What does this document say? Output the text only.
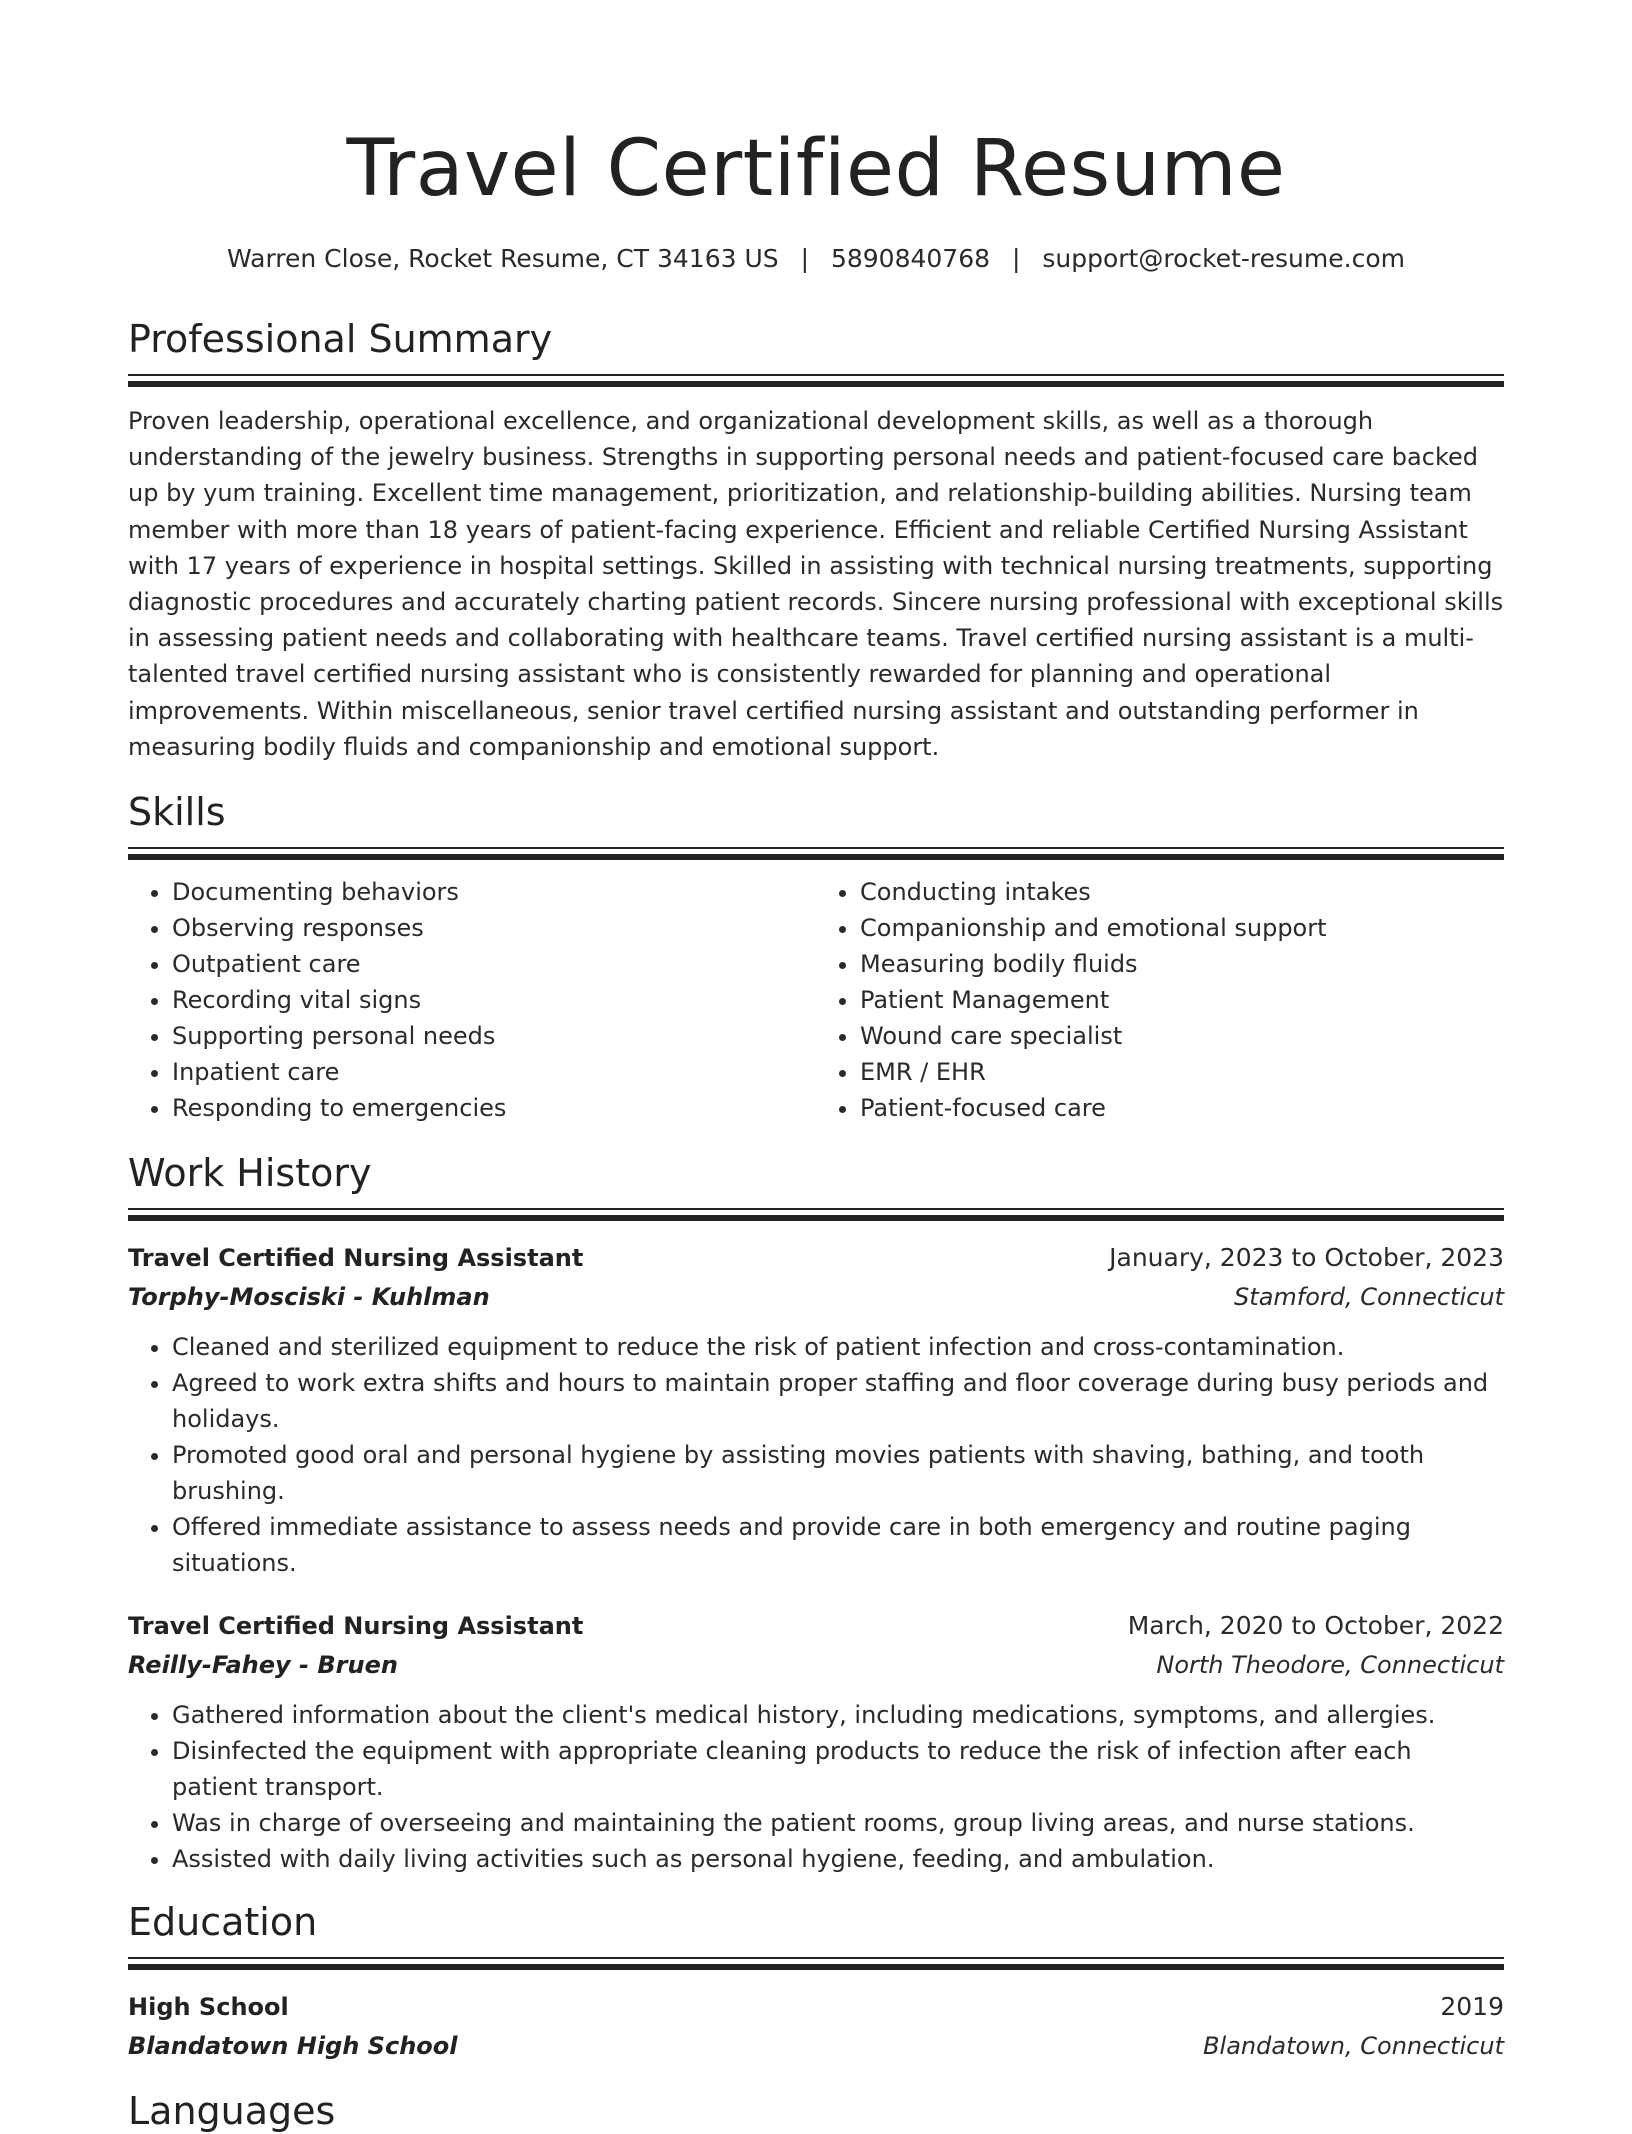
Travel Certified Resume
Warren Close, Rocket Resume, CT 34163 US | 5890840768 | support@rocket-resume.com
Professional Summary

Proven leadership, operational excellence, and organizational development skills, as well as a thorough understanding of the jewelry business. Strengths in supporting personal needs and patient-focused care backed up by yum training. Excellent time management, prioritization, and relationship-building abilities. Nursing team member with more than 18 years of patient-facing experience. Efficient and reliable Certified Nursing Assistant with 17 years of experience in hospital settings. Skilled in assisting with technical nursing treatments, supporting diagnostic procedures and accurately charting patient records. Sincere nursing professional with exceptional skills in assessing patient needs and collaborating with healthcare teams. Travel certified nursing assistant is a multi-talented travel certified nursing assistant who is consistently rewarded for planning and operational improvements. Within miscellaneous, senior travel certified nursing assistant and outstanding performer in measuring bodily fluids and companionship and emotional support.

Skills
• Documenting behaviors
• Observing responses
• Outpatient care
• Recording vital signs
• Supporting personal needs
• Inpatient care
• Responding to emergencies
• Conducting intakes
• Companionship and emotional support
• Measuring bodily fluids
• Patient Management
• Wound care specialist
• EMR / EHR
• Patient-focused care
Work History
Travel Certified Nursing Assistant	January, 2023 to October, 2023
Torphy-Mosciski - Kuhlman	Stamford, Connecticut
• Cleaned and sterilized equipment to reduce the risk of patient infection and cross-contamination.
• Agreed to work extra shifts and hours to maintain proper staffing and floor coverage during busy periods and holidays.
• Promoted good oral and personal hygiene by assisting movies patients with shaving, bathing, and tooth brushing.
• Offered immediate assistance to assess needs and provide care in both emergency and routine paging situations.
Travel Certified Nursing Assistant	March, 2020 to October, 2022
Reilly-Fahey - Bruen	North Theodore, Connecticut
• Gathered information about the client's medical history, including medications, symptoms, and allergies.
• Disinfected the equipment with appropriate cleaning products to reduce the risk of infection after each patient transport.
• Was in charge of overseeing and maintaining the patient rooms, group living areas, and nurse stations.
• Assisted with daily living activities such as personal hygiene, feeding, and ambulation.
Education
High School	2019
Blandatown High School	Blandatown, Connecticut
Languages
